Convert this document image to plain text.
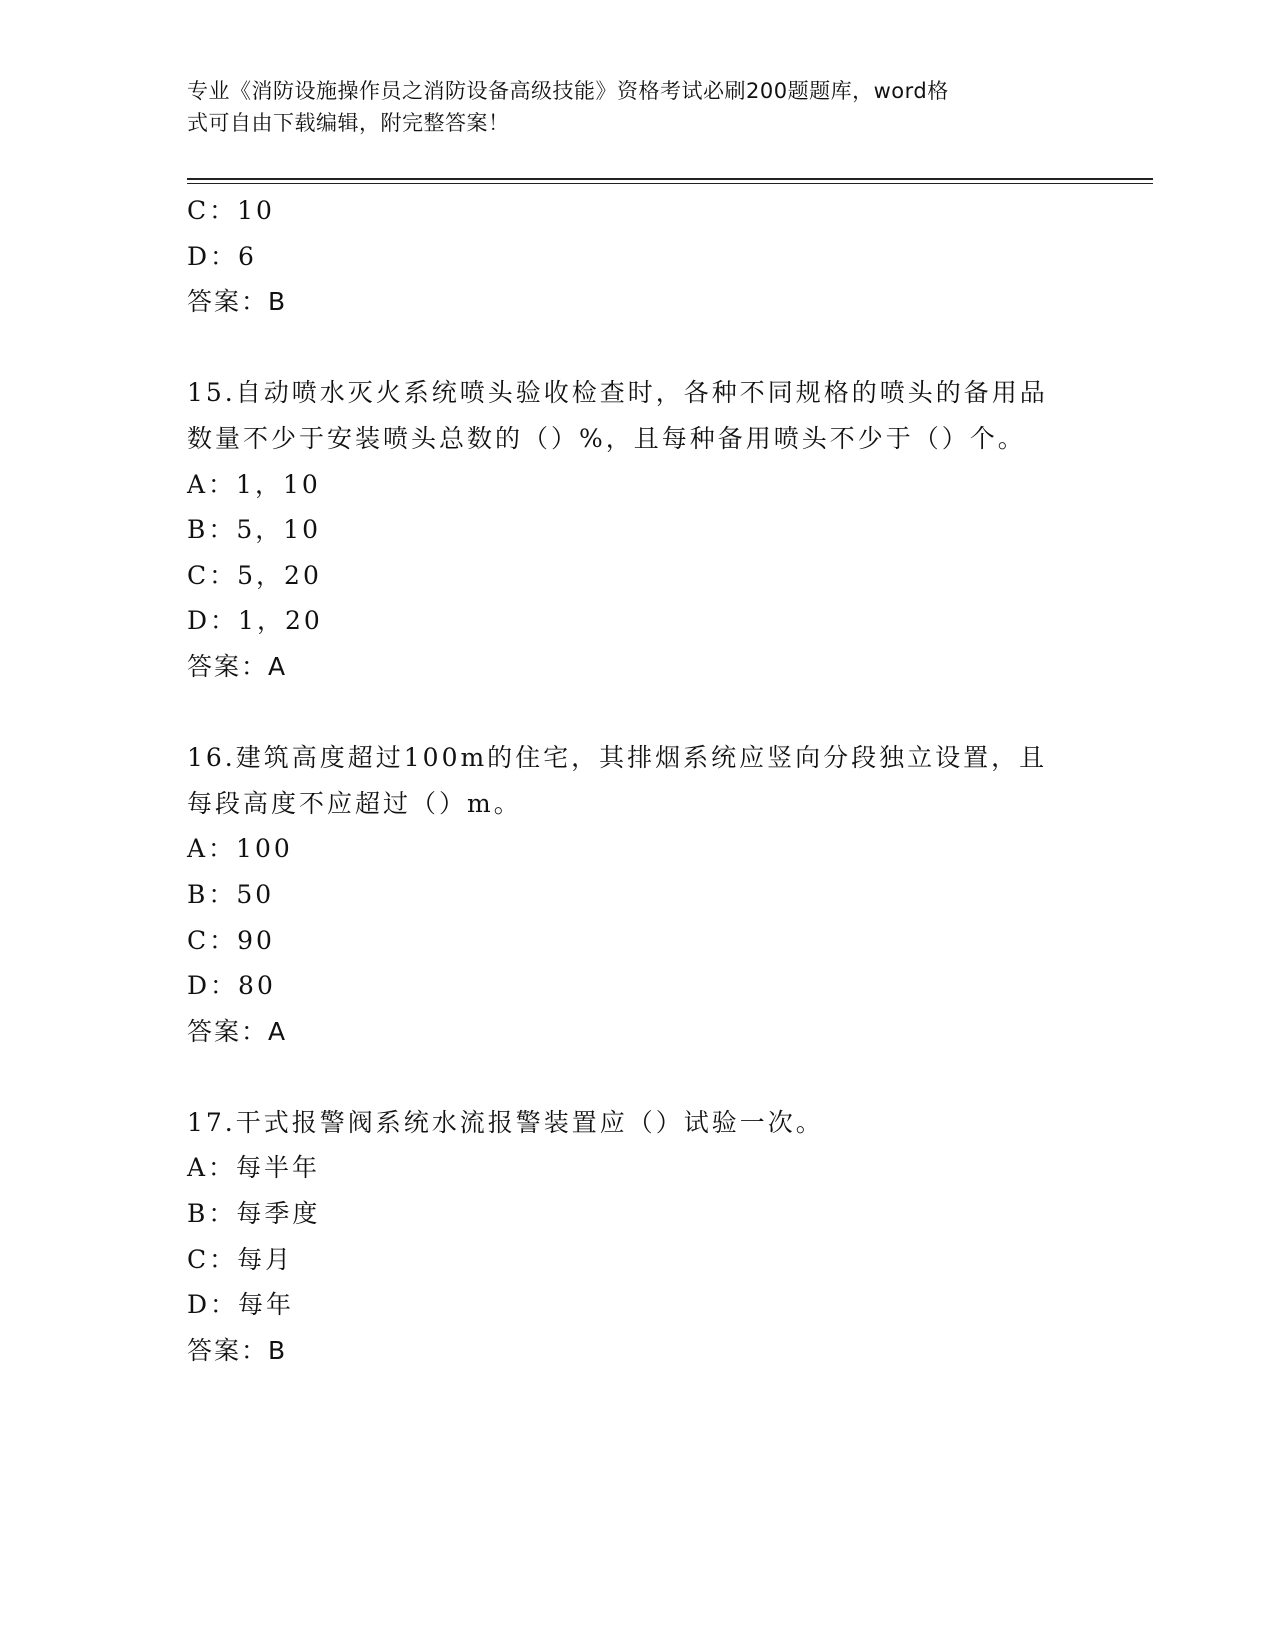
专业《消防设施操作员之消防设备高级技能》资格考试必刷200题题库，word格
式可自由下载编辑，附完整答案！
C：10
D：6
答案：B
15.自动喷水灭火系统喷头验收检查时，各种不同规格的喷头的备用品
数量不少于安装喷头总数的（）%，且每种备用喷头不少于（）个。
A：1，10
B：5，10
C：5，20
D：1，20
答案：A
16.建筑高度超过100m的住宅，其排烟系统应竖向分段独立设置，且
每段高度不应超过（）m。
A：100
B：50
C：90
D：80
答案：A
17.干式报警阀系统水流报警装置应（）试验一次。
A：每半年
B：每季度
C：每月
D：每年
答案：B
